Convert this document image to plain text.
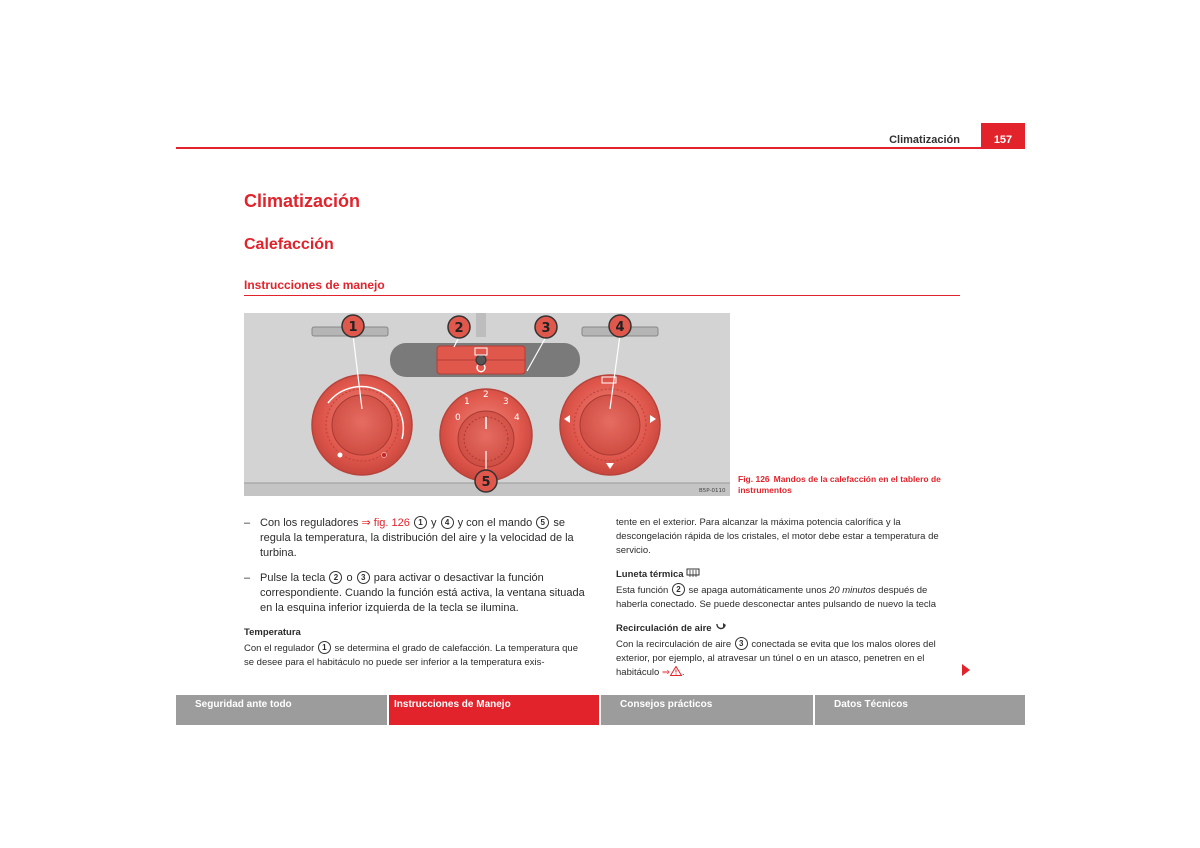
Climatización	157
Climatización
Calefacción
Instrucciones de manejo
0
1
2
3
4
1	2	3	4
5
B5P-0110
Fig. 126 Mandos de la calefacción en el tablero de instrumentos
– Con los reguladores ⇒ fig. 126 1 y 4 y con el mando 5 se regula la temperatura, la distribución del aire y la velocidad de la turbina.
– Pulse la tecla 2 o 3 para activar o desactivar la función correspondiente. Cuando la función está activa, la ventana situada en la esquina inferior izquierda de la tecla se ilumina.
Temperatura
Con el regulador 1 se determina el grado de calefacción. La temperatura que se desee para el habitáculo no puede ser inferior a la temperatura exis-
tente en el exterior. Para alcanzar la máxima potencia calorífica y la descongelación rápida de los cristales, el motor debe estar a temperatura de servicio.
Luneta térmica
Esta función 2 se apaga automáticamente unos 20 minutos después de haberla conectado. Se puede desconectar antes pulsando de nuevo la tecla
Recirculación de aire
Con la recirculación de aire 3 conectada se evita que los malos olores del exterior, por ejemplo, al atravesar un túnel o en un atasco, penetren en el habitáculo ⇒ .
Seguridad ante todo	Instrucciones de Manejo	Consejos prácticos	Datos Técnicos
